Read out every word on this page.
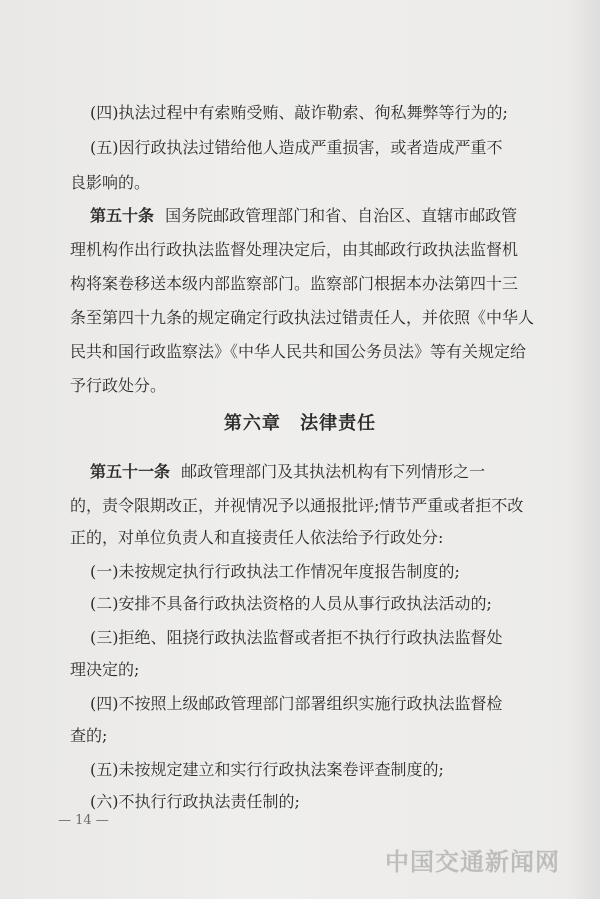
(四)执法过程中有索贿受贿、敲诈勒索、徇私舞弊等行为的;
(五)因行政执法过错给他人造成严重损害，或者造成严重不
良影响的。
第五十条 国务院邮政管理部门和省、自治区、直辖市邮政管
理机构作出行政执法监督处理决定后，由其邮政行政执法监督机
构将案卷移送本级内部监察部门。监察部门根据本办法第四十三
条至第四十九条的规定确定行政执法过错责任人，并依照《中华人
民共和国行政监察法》《中华人民共和国公务员法》等有关规定给
予行政处分。
第六章 法律责任
第五十一条 邮政管理部门及其执法机构有下列情形之一
的，责令限期改正，并视情况予以通报批评;情节严重或者拒不改
正的，对单位负责人和直接责任人依法给予行政处分:
(一)未按规定执行行政执法工作情况年度报告制度的;
(二)安排不具备行政执法资格的人员从事行政执法活动的;
(三)拒绝、阻挠行政执法监督或者拒不执行行政执法监督处
理决定的;
(四)不按照上级邮政管理部门部署组织实施行政执法监督检
查的;
(五)未按规定建立和实行行政执法案卷评查制度的;
(六)不执行行政执法责任制的;
— 14 —
中国交通新闻网
